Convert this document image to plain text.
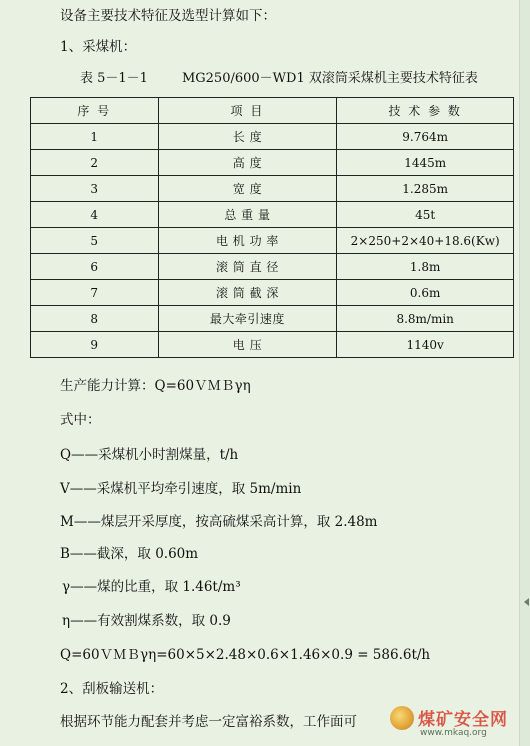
设备主要技术特征及选型计算如下：
1、采煤机：
表 5－1－1	MG250/600－WD1 双滚筒采煤机主要技术特征表
序 号	项 目	技 术 参 数
1	长 度	9.764m
2	高 度	1445m
3	宽 度	1.285m
4	总 重 量	45t
5	电 机 功 率	2×250+2×40+18.6(Kw)
6	滚 筒 直 径	1.8m
7	滚 筒 截 深	0.6m
8	最大牵引速度	8.8m/min
9	电 压	1140v
生产能力计算：Q=60ＶＭＢγη
式中：
Q——采煤机小时割煤量，t/h
V——采煤机平均牵引速度，取 5m/min
M——煤层开采厚度，按高硫煤采高计算，取 2.48m
B——截深，取 0.60m
γ——煤的比重，取 1.46t/m³
η——有效割煤系数，取 0.9
Q=60ＶＭＢγη=60×5×2.48×0.6×1.46×0.9 = 586.6t/h
2、刮板输送机：
根据环节能力配套并考虑一定富裕系数，工作面可	煤矿安全网
www.mkaq.org
